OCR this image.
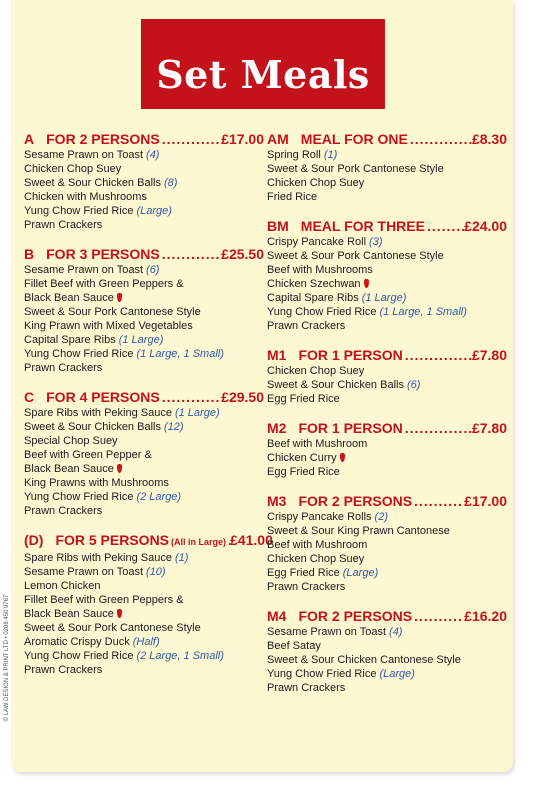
Set Meals
A FOR 2 PERSONS .....	£17.00
Sesame Prawn on Toast (4)
Chicken Chop Suey
Sweet & Sour Chicken Balls (8)
Chicken with Mushrooms
Yung Chow Fried Rice (Large)
Prawn Crackers
B FOR 3 PERSONS .....	£25.50
Sesame Prawn on Toast (6)
Fillet Beef with Green Peppers &
Black Bean Sauce
Sweet & Sour Pork Cantonese Style
King Prawn with Mixed Vegetables
Capital Spare Ribs (1 Large)
Yung Chow Fried Rice (1 Large, 1 Small)
Prawn Crackers
C FOR 4 PERSONS .....	£29.50
Spare Ribs with Peking Sauce (1 Large)
Sweet & Sour Chicken Balls (12)
Special Chop Suey
Beef with Green Pepper &
Black Bean Sauce
King Prawns with Mushrooms
Yung Chow Fried Rice (2 Large)
Prawn Crackers
(D) FOR 5 PERSONS (All in Large) ..... £41.00
Spare Ribs with Peking Sauce (1)
Sesame Prawn on Toast (10)
Lemon Chicken
Fillet Beef with Green Peppers &
Black Bean Sauce
Sweet & Sour Pork Cantonese Style
Aromatic Crispy Duck (Half)
Yung Chow Fried Rice (2 Large, 1 Small)
Prawn Crackers
AM MEAL FOR ONE .....	£8.30
Spring Roll (1)
Sweet & Sour Pork Cantonese Style
Chicken Chop Suey
Fried Rice
BM MEAL FOR THREE .....	£24.00
Crispy Pancake Roll (3)
Sweet & Sour Pork Cantonese Style
Beef with Mushrooms
Chicken Szechwan
Capital Spare Ribs (1 Large)
Yung Chow Fried Rice (1 Large, 1 Small)
Prawn Crackers
M1 FOR 1 PERSON .....	£7.80
Chicken Chop Suey
Sweet & Sour Chicken Balls (6)
Egg Fried Rice
M2 FOR 1 PERSON .....	£7.80
Beef with Mushroom
Chicken Curry
Egg Fried Rice
M3 FOR 2 PERSONS .....	£17.00
Crispy Pancake Rolls (2)
Sweet & Sour King Prawn Cantonese
Beef with Mushroom
Chicken Chop Suey
Egg Fried Rice (Large)
Prawn Crackers
M4 FOR 2 PERSONS .....	£16.20
Sesame Prawn on Toast (4)
Beef Satay
Sweet & Sour Chicken Cantonese Style
Yung Chow Fried Rice (Large)
Prawn Crackers
© LAW DESIGN & PRINT LTD • 0208 450 9767
